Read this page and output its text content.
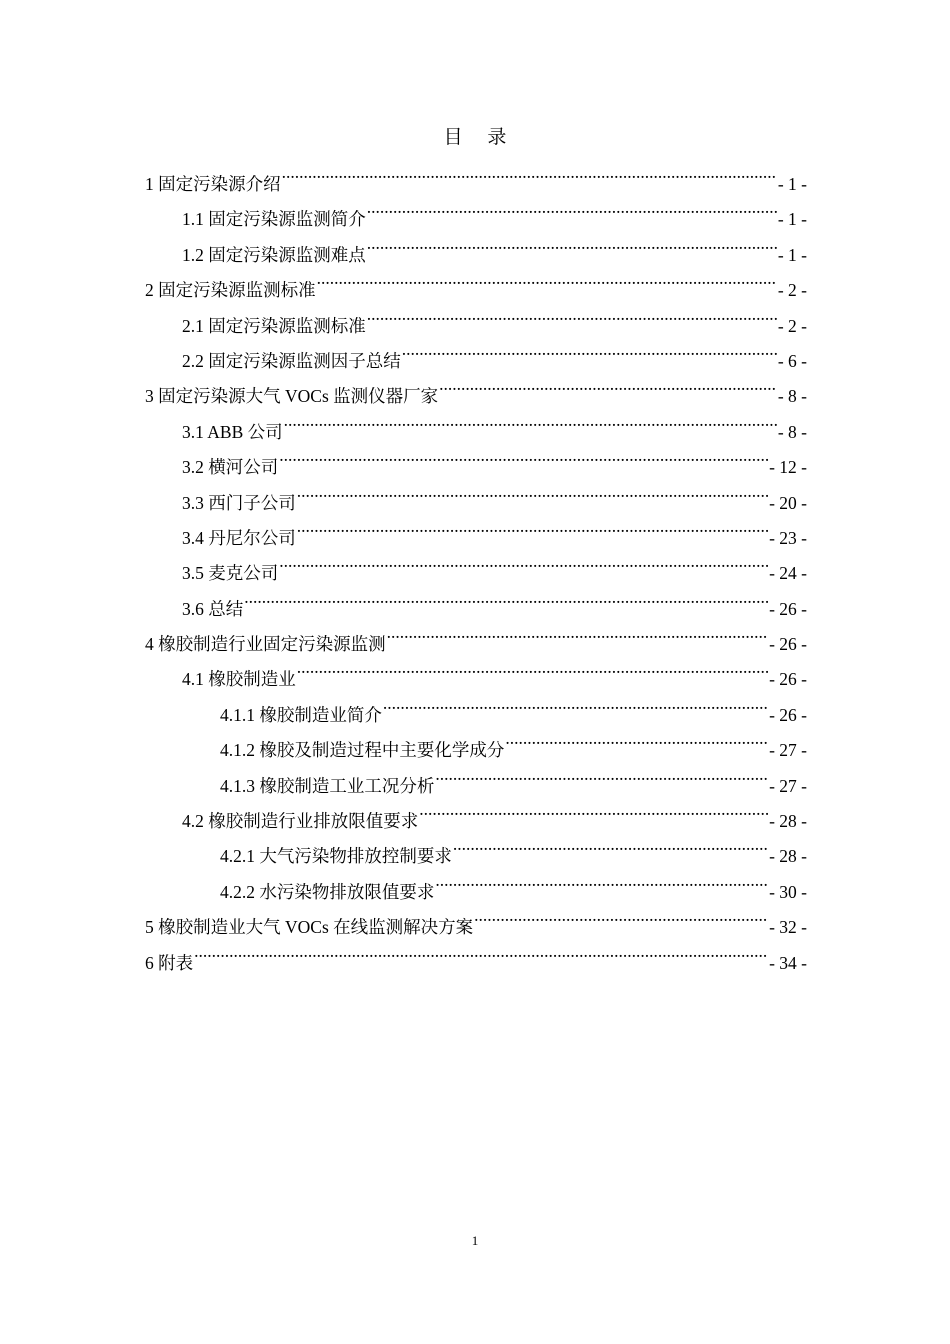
目 录
1 固定污染源介绍 .....	- 1 -
1.1 固定污染源监测简介 .....	- 1 -
1.2 固定污染源监测难点 .....	- 1 -
2 固定污染源监测标准 .....	- 2 -
2.1 固定污染源监测标准 .....	- 2 -
2.2 固定污染源监测因子总结 .....	- 6 -
3 固定污染源大气 VOCs 监测仪器厂家 .....	- 8 -
3.1 ABB 公司 .....	- 8 -
3.2 横河公司 .....	- 12 -
3.3 西门子公司 .....	- 20 -
3.4 丹尼尔公司 .....	- 23 -
3.5 麦克公司 .....	- 24 -
3.6 总结 .....	- 26 -
4 橡胶制造行业固定污染源监测 .....	- 26 -
4.1 橡胶制造业 .....	- 26 -
4.1.1 橡胶制造业简介 .....	- 26 -
4.1.2 橡胶及制造过程中主要化学成分 .....	- 27 -
4.1.3 橡胶制造工业工况分析 .....	- 27 -
4.2 橡胶制造行业排放限值要求 .....	- 28 -
4.2.1 大气污染物排放控制要求 .....	- 28 -
4.2.2 水污染物排放限值要求 .....	- 30 -
5 橡胶制造业大气 VOCs 在线监测解决方案 .....	- 32 -
6 附表 .....	- 34 -
1
